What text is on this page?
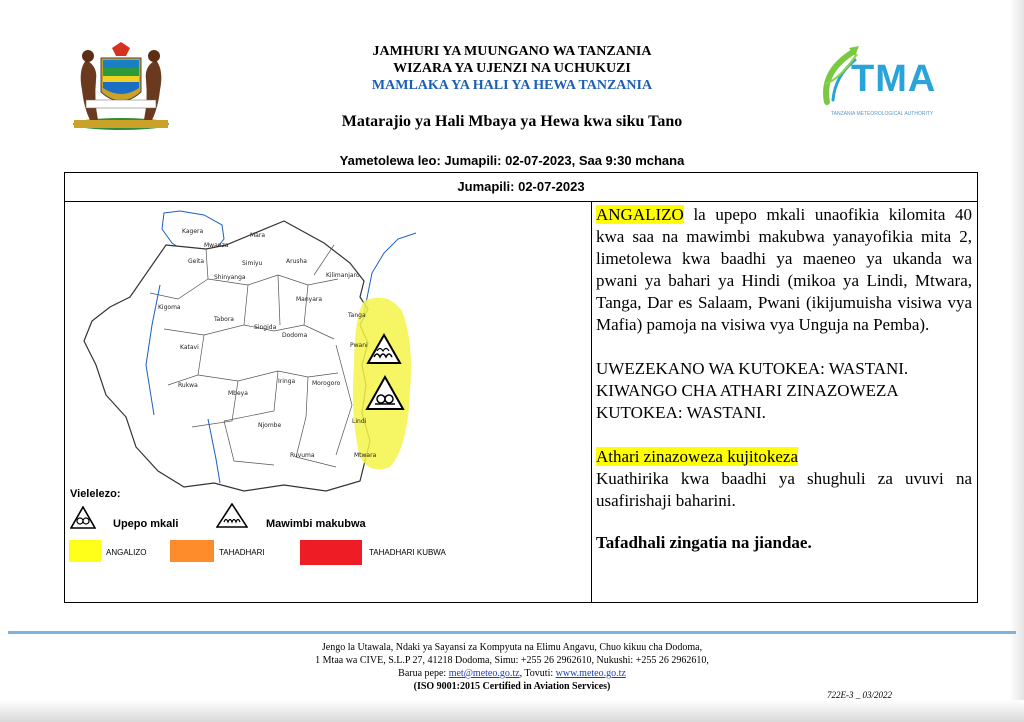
JAMHURI YA MUUNGANO WA TANZANIA
WIZARA YA UJENZI NA UCHUKUZI
MAMLAKA YA HALI YA HEWA TANZANIA
Matarajio ya Hali Mbaya ya Hewa kwa siku Tano
TMA
TANZANIA METEOROLOGICAL AUTHORITY
Yametolewa leo: Jumapili: 02-07-2023, Saa 9:30 mchana
Jumapili: 02-07-2023
Mara
Kagera
Mwanza
Simiyu	Arusha
Shinyanga
Geita
Kilimanjaro
Manyara
Kigoma
Tabora
Singida
Dodoma
Tanga
Pwani
Katavi
Morogoro
Iringa
Rukwa
Mbeya
Njombe
Lindi
Ruvuma	Mtwara
Vielelezo:
Upepo mkali	Mawimbi makubwa
ANGALIZO	TAHADHARI	TAHADHARI KUBWA

ANGALIZO la upepo mkali unaofikia kilomita 40 kwa saa na mawimbi makubwa yanayofikia mita 2, limetolewa kwa baadhi ya maeneo ya ukanda wa pwani ya bahari ya Hindi (mikoa ya Lindi, Mtwara, Tanga, Dar es Salaam, Pwani (ikijumuisha visiwa vya Mafia) pamoja na visiwa vya Unguja na Pemba).

UWEZEKANO WA KUTOKEA: WASTANI.

KIWANGO CHA ATHARI ZINAZOWEZA KUTOKEA: WASTANI.

Athari zinazoweza kujitokeza

Kuathirika kwa baadhi ya shughuli za uvuvi na usafirishaji baharini.

Tafadhali zingatia na jiandae.

Jengo la Utawala, Ndaki ya Sayansi za Kompyuta na Elimu Angavu, Chuo kikuu cha Dodoma,
1 Mtaa wa CIVE, S.L.P 27, 41218 Dodoma, Simu: +255 26 2962610, Nukushi: +255 26 2962610,
Barua pepe: met@meteo.go.tz, Tovuti: www.meteo.go.tz
(ISO 9001:2015 Certified in Aviation Services)
722E-3 _ 03/2022
